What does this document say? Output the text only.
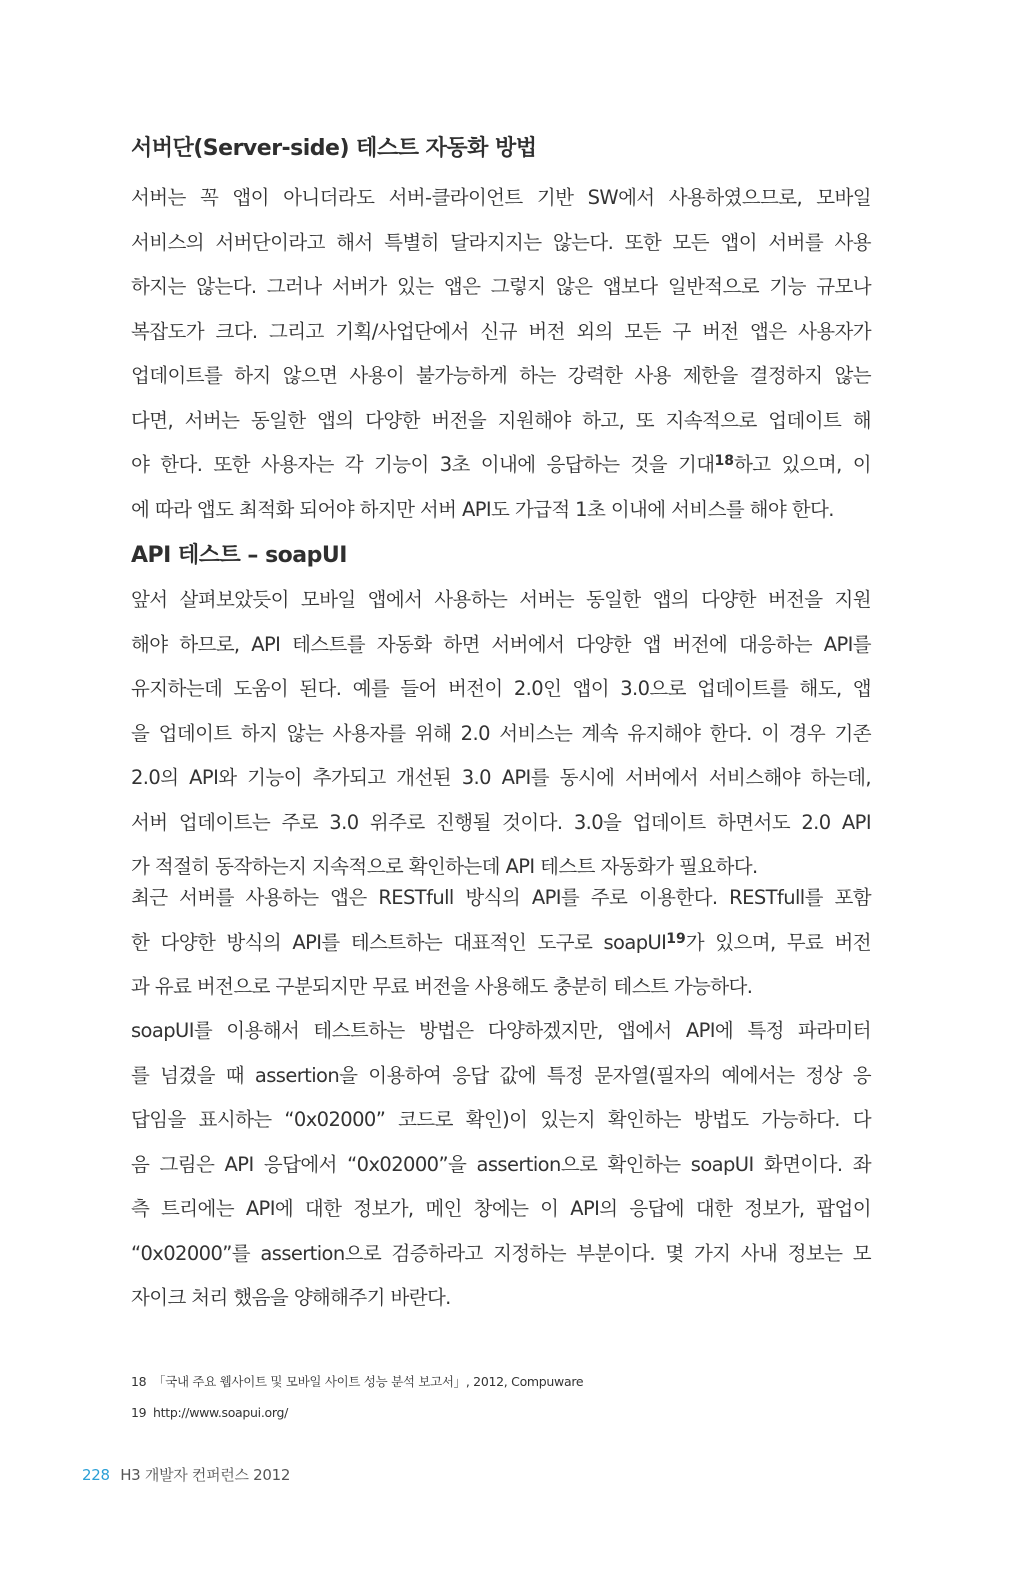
서버단(Server-side) 테스트 자동화 방법
서버는 꼭 앱이 아니더라도 서버-클라이언트 기반 SW에서 사용하였으므로, 모바일
서비스의 서버단이라고 해서 특별히 달라지지는 않는다. 또한 모든 앱이 서버를 사용
하지는 않는다. 그러나 서버가 있는 앱은 그렇지 않은 앱보다 일반적으로 기능 규모나
복잡도가 크다. 그리고 기획/사업단에서 신규 버전 외의 모든 구 버전 앱은 사용자가
업데이트를 하지 않으면 사용이 불가능하게 하는 강력한 사용 제한을 결정하지 않는
다면, 서버는 동일한 앱의 다양한 버전을 지원해야 하고, 또 지속적으로 업데이트 해
야 한다. 또한 사용자는 각 기능이 3초 이내에 응답하는 것을 기대$^{18}$하고 있으며, 이
에 따라 앱도 최적화 되어야 하지만 서버 API도 가급적 1초 이내에 서비스를 해야 한다.
API 테스트 – soapUI
앞서 살펴보았듯이 모바일 앱에서 사용하는 서버는 동일한 앱의 다양한 버전을 지원
해야 하므로, API 테스트를 자동화 하면 서버에서 다양한 앱 버전에 대응하는 API를
유지하는데 도움이 된다. 예를 들어 버전이 2.0인 앱이 3.0으로 업데이트를 해도, 앱
을 업데이트 하지 않는 사용자를 위해 2.0 서비스는 계속 유지해야 한다. 이 경우 기존
2.0의 API와 기능이 추가되고 개선된 3.0 API를 동시에 서버에서 서비스해야 하는데,
서버 업데이트는 주로 3.0 위주로 진행될 것이다. 3.0을 업데이트 하면서도 2.0 API
가 적절히 동작하는지 지속적으로 확인하는데 API 테스트 자동화가 필요하다.
최근 서버를 사용하는 앱은 RESTfull 방식의 API를 주로 이용한다. RESTfull를 포함
한 다양한 방식의 API를 테스트하는 대표적인 도구로 soapUI$^{19}$가 있으며, 무료 버전
과 유료 버전으로 구분되지만 무료 버전을 사용해도 충분히 테스트 가능하다.
soapUI를 이용해서 테스트하는 방법은 다양하겠지만, 앱에서 API에 특정 파라미터
를 넘겼을 때 assertion을 이용하여 응답 값에 특정 문자열(필자의 예에서는 정상 응
답임을 표시하는 “0x02000” 코드로 확인)이 있는지 확인하는 방법도 가능하다. 다
음 그림은 API 응답에서 “0x02000”을 assertion으로 확인하는 soapUI 화면이다. 좌
측 트리에는 API에 대한 정보가, 메인 창에는 이 API의 응답에 대한 정보가, 팝업이
“0x02000”를 assertion으로 검증하라고 지정하는 부분이다. 몇 가지 사내 정보는 모
자이크 처리 했음을 양해해주기 바란다.
18 「국내 주요 웹사이트 및 모바일 사이트 성능 분석 보고서」, 2012, Compuware
19 http://www.soapui.org/
228 H3 개발자 컨퍼런스 2012
